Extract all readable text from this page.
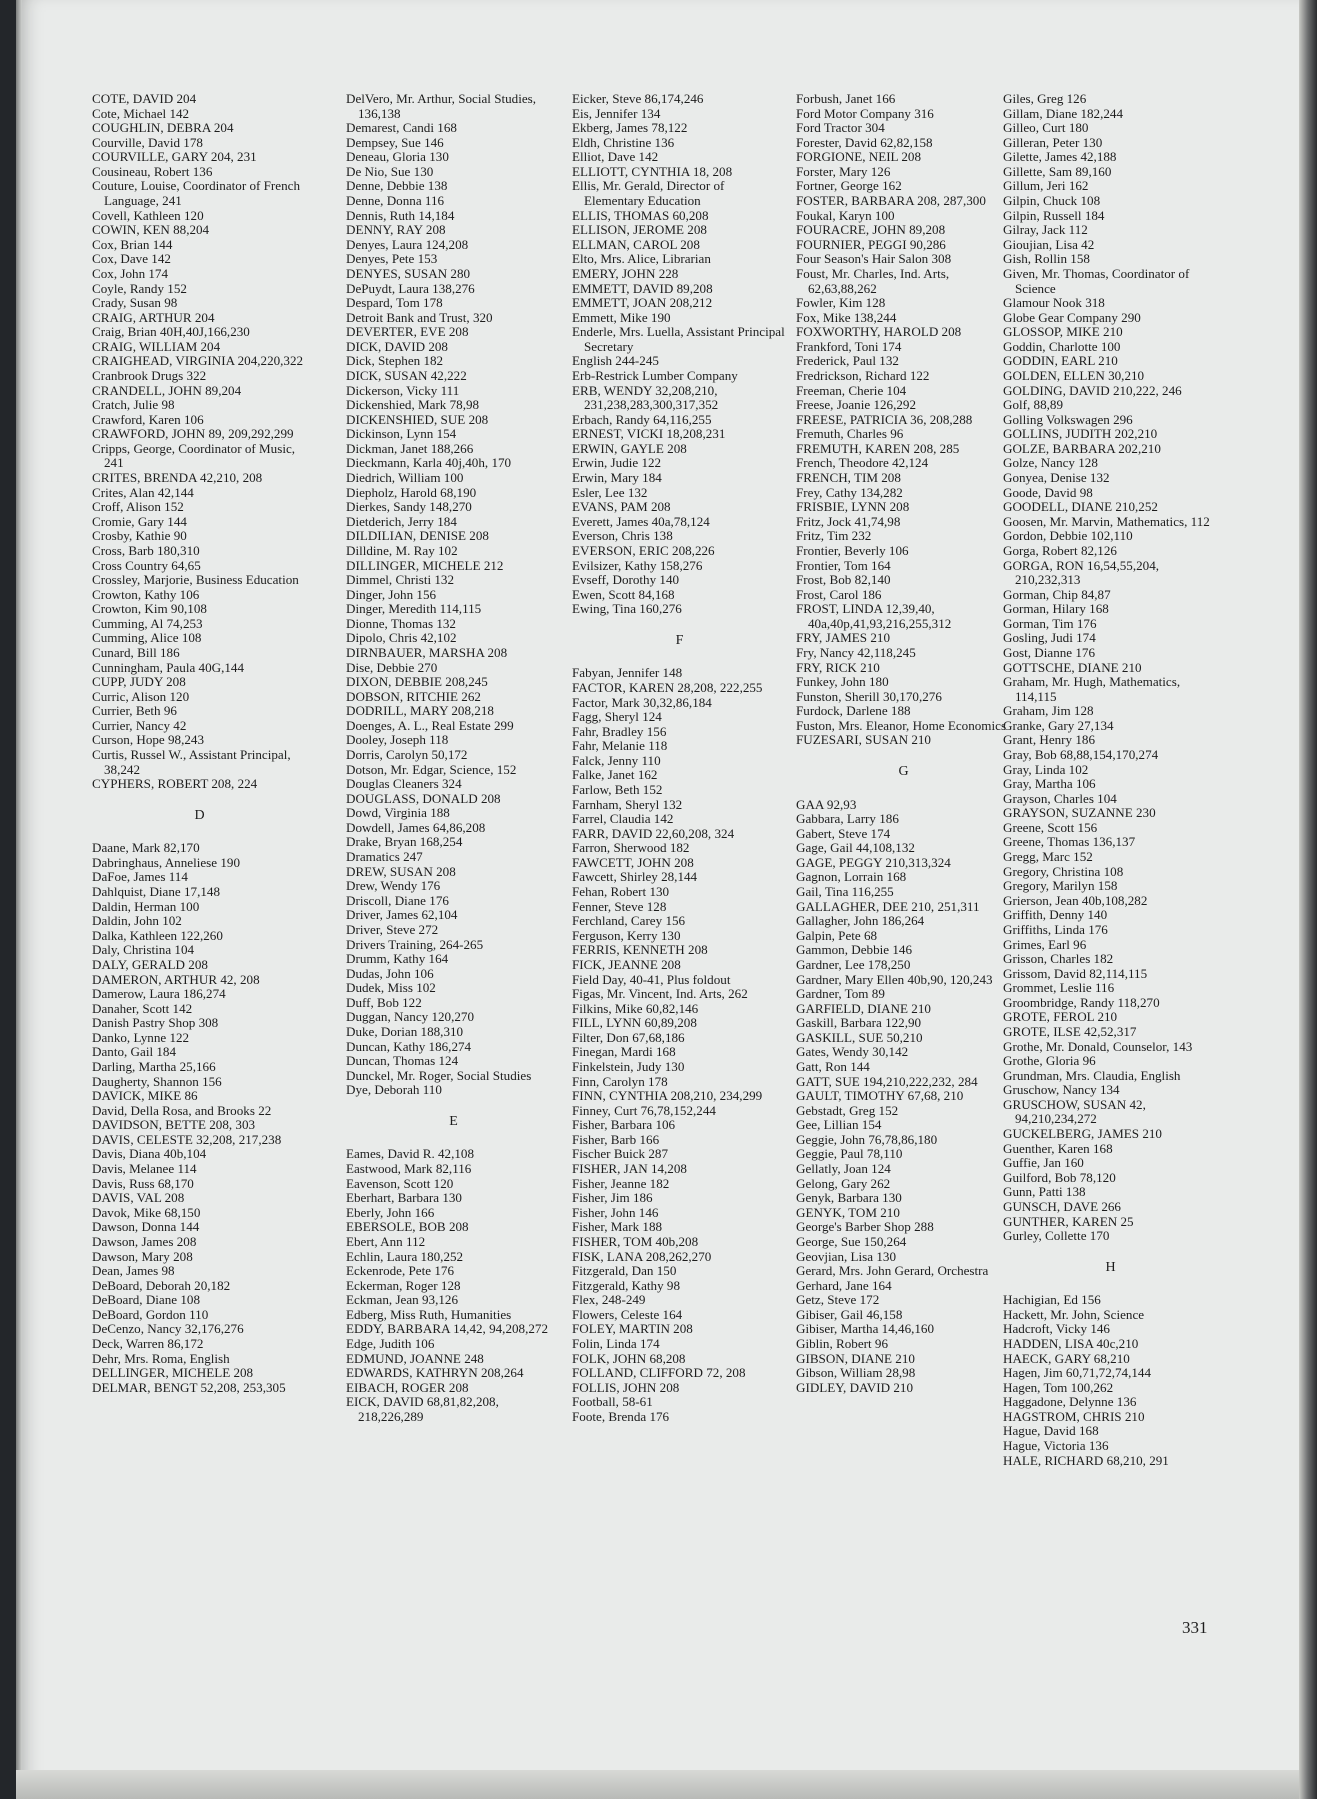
COTE, DAVID 204
Cote, Michael 142
COUGHLIN, DEBRA 204
Courville, David 178
COURVILLE, GARY 204, 231
Cousineau, Robert 136
Couture, Louise, Coordinator of French Language, 241
Covell, Kathleen 120
COWIN, KEN 88,204
Cox, Brian 144
Cox, Dave 142
Cox, John 174
Coyle, Randy 152
Crady, Susan 98
CRAIG, ARTHUR 204
Craig, Brian 40H,40J,166,230
CRAIG, WILLIAM 204
CRAIGHEAD, VIRGINIA 204,220,322
Cranbrook Drugs 322
CRANDELL, JOHN 89,204
Cratch, Julie 98
Crawford, Karen 106
CRAWFORD, JOHN 89, 209,292,299
Cripps, George, Coordinator of Music, 241
CRITES, BRENDA 42,210, 208
Crites, Alan 42,144
Croff, Alison 152
Cromie, Gary 144
Crosby, Kathie 90
Cross, Barb 180,310
Cross Country 64,65
Crossley, Marjorie, Business Education
Crowton, Kathy 106
Crowton, Kim 90,108
Cumming, Al 74,253
Cumming, Alice 108
Cunard, Bill 186
Cunningham, Paula 40G,144
CUPP, JUDY 208
Curric, Alison 120
Currier, Beth 96
Currier, Nancy 42
Curson, Hope 98,243
Curtis, Russel W., Assistant Principal, 38,242
CYPHERS, ROBERT 208, 224
D
Daane, Mark 82,170
Dabringhaus, Anneliese 190
DaFoe, James 114
Dahlquist, Diane 17,148
Daldin, Herman 100
Daldin, John 102
Dalka, Kathleen 122,260
Daly, Christina 104
DALY, GERALD 208
DAMERON, ARTHUR 42, 208
Damerow, Laura 186,274
Danaher, Scott 142
Danish Pastry Shop 308
Danko, Lynne 122
Danto, Gail 184
Darling, Martha 25,166
Daugherty, Shannon 156
DAVICK, MIKE 86
David, Della Rosa, and Brooks 22
DAVIDSON, BETTE 208, 303
DAVIS, CELESTE 32,208, 217,238
Davis, Diana 40b,104
Davis, Melanee 114
Davis, Russ 68,170
DAVIS, VAL 208
Davok, Mike 68,150
Dawson, Donna 144
Dawson, James 208
Dawson, Mary 208
Dean, James 98
DeBoard, Deborah 20,182
DeBoard, Diane 108
DeBoard, Gordon 110
DeCenzo, Nancy 32,176,276
Deck, Warren 86,172
Dehr, Mrs. Roma, English
DELLINGER, MICHELE 208
DELMAR, BENGT 52,208, 253,305
DelVero, Mr. Arthur, Social Studies, 136,138
Demarest, Candi 168
Dempsey, Sue 146
Deneau, Gloria 130
De Nio, Sue 130
Denne, Debbie 138
Denne, Donna 116
Dennis, Ruth 14,184
DENNY, RAY 208
Denyes, Laura 124,208
Denyes, Pete 153
DENYES, SUSAN 280
DePuydt, Laura 138,276
Despard, Tom 178
Detroit Bank and Trust, 320
DEVERTER, EVE 208
DICK, DAVID 208
Dick, Stephen 182
DICK, SUSAN 42,222
Dickerson, Vicky 111
Dickenshied, Mark 78,98
DICKENSHIED, SUE 208
Dickinson, Lynn 154
Dickman, Janet 188,266
Dieckmann, Karla 40j,40h, 170
Diedrich, William 100
Diepholz, Harold 68,190
Dierkes, Sandy 148,270
Dietderich, Jerry 184
DILDILIAN, DENISE 208
Dilldine, M. Ray 102
DILLINGER, MICHELE 212
Dimmel, Christi 132
Dinger, John 156
Dinger, Meredith 114,115
Dionne, Thomas 132
Dipolo, Chris 42,102
DIRNBAUER, MARSHA 208
Dise, Debbie 270
DIXON, DEBBIE 208,245
DOBSON, RITCHIE 262
DODRILL, MARY 208,218
Doenges, A. L., Real Estate 299
Dooley, Joseph 118
Dorris, Carolyn 50,172
Dotson, Mr. Edgar, Science, 152
Douglas Cleaners 324
DOUGLASS, DONALD 208
Dowd, Virginia 188
Dowdell, James 64,86,208
Drake, Bryan 168,254
Dramatics 247
DREW, SUSAN 208
Drew, Wendy 176
Driscoll, Diane 176
Driver, James 62,104
Driver, Steve 272
Drivers Training, 264-265
Drumm, Kathy 164
Dudas, John 106
Dudek, Miss 102
Duff, Bob 122
Duggan, Nancy 120,270
Duke, Dorian 188,310
Duncan, Kathy 186,274
Duncan, Thomas 124
Dunckel, Mr. Roger, Social Studies
Dye, Deborah 110
E
Eames, David R. 42,108
Eastwood, Mark 82,116
Eavenson, Scott 120
Eberhart, Barbara 130
Eberly, John 166
EBERSOLE, BOB 208
Ebert, Ann 112
Echlin, Laura 180,252
Eckenrode, Pete 176
Eckerman, Roger 128
Eckman, Jean 93,126
Edberg, Miss Ruth, Humanities
EDDY, BARBARA 14,42, 94,208,272
Edge, Judith 106
EDMUND, JOANNE 248
EDWARDS, KATHRYN 208,264
EIBACH, ROGER 208
EICK, DAVID 68,81,82,208, 218,226,289
Eicker, Steve 86,174,246
Eis, Jennifer 134
Ekberg, James 78,122
Eldh, Christine 136
Elliot, Dave 142
ELLIOTT, CYNTHIA 18, 208
Ellis, Mr. Gerald, Director of Elementary Education
ELLIS, THOMAS 60,208
ELLISON, JEROME 208
ELLMAN, CAROL 208
Elto, Mrs. Alice, Librarian
EMERY, JOHN 228
EMMETT, DAVID 89,208
EMMETT, JOAN 208,212
Emmett, Mike 190
Enderle, Mrs. Luella, Assistant Principal Secretary
English 244-245
Erb-Restrick Lumber Company
ERB, WENDY 32,208,210, 231,238,283,300,317,352
Erbach, Randy 64,116,255
ERNEST, VICKI 18,208,231
ERWIN, GAYLE 208
Erwin, Judie 122
Erwin, Mary 184
Esler, Lee 132
EVANS, PAM 208
Everett, James 40a,78,124
Everson, Chris 138
EVERSON, ERIC 208,226
Evilsizer, Kathy 158,276
Evseff, Dorothy 140
Ewen, Scott 84,168
Ewing, Tina 160,276
F
Fabyan, Jennifer 148
FACTOR, KAREN 28,208, 222,255
Factor, Mark 30,32,86,184
Fagg, Sheryl 124
Fahr, Bradley 156
Fahr, Melanie 118
Falck, Jenny 110
Falke, Janet 162
Farlow, Beth 152
Farnham, Sheryl 132
Farrel, Claudia 142
FARR, DAVID 22,60,208, 324
Farron, Sherwood 182
FAWCETT, JOHN 208
Fawcett, Shirley 28,144
Fehan, Robert 130
Fenner, Steve 128
Ferchland, Carey 156
Ferguson, Kerry 130
FERRIS, KENNETH 208
FICK, JEANNE 208
Field Day, 40-41, Plus foldout
Figas, Mr. Vincent, Ind. Arts, 262
Filkins, Mike 60,82,146
FILL, LYNN 60,89,208
Filter, Don 67,68,186
Finegan, Mardi 168
Finkelstein, Judy 130
Finn, Carolyn 178
FINN, CYNTHIA 208,210, 234,299
Finney, Curt 76,78,152,244
Fisher, Barbara 106
Fisher, Barb 166
Fischer Buick 287
FISHER, JAN 14,208
Fisher, Jeanne 182
Fisher, Jim 186
Fisher, John 146
Fisher, Mark 188
FISHER, TOM 40b,208
FISK, LANA 208,262,270
Fitzgerald, Dan 150
Fitzgerald, Kathy 98
Flex, 248-249
Flowers, Celeste 164
FOLEY, MARTIN 208
Folin, Linda 174
FOLK, JOHN 68,208
FOLLAND, CLIFFORD 72, 208
FOLLIS, JOHN 208
Football, 58-61
Foote, Brenda 176
Forbush, Janet 166
Ford Motor Company 316
Ford Tractor 304
Forester, David 62,82,158
FORGIONE, NEIL 208
Forster, Mary 126
Fortner, George 162
FOSTER, BARBARA 208, 287,300
Foukal, Karyn 100
FOURACRE, JOHN 89,208
FOURNIER, PEGGI 90,286
Four Season's Hair Salon 308
Foust, Mr. Charles, Ind. Arts, 62,63,88,262
Fowler, Kim 128
Fox, Mike 138,244
FOXWORTHY, HAROLD 208
Frankford, Toni 174
Frederick, Paul 132
Fredrickson, Richard 122
Freeman, Cherie 104
Freese, Joanie 126,292
FREESE, PATRICIA 36, 208,288
Fremuth, Charles 96
FREMUTH, KAREN 208, 285
French, Theodore 42,124
FRENCH, TIM 208
Frey, Cathy 134,282
FRISBIE, LYNN 208
Fritz, Jock 41,74,98
Fritz, Tim 232
Frontier, Beverly 106
Frontier, Tom 164
Frost, Bob 82,140
Frost, Carol 186
FROST, LINDA 12,39,40, 40a,40p,41,93,216,255,312
FRY, JAMES 210
Fry, Nancy 42,118,245
FRY, RICK 210
Funkey, John 180
Funston, Sherill 30,170,276
Furdock, Darlene 188
Fuston, Mrs. Eleanor, Home Economics
FUZESARI, SUSAN 210
G
GAA 92,93
Gabbara, Larry 186
Gabert, Steve 174
Gage, Gail 44,108,132
GAGE, PEGGY 210,313,324
Gagnon, Lorrain 168
Gail, Tina 116,255
GALLAGHER, DEE 210, 251,311
Gallagher, John 186,264
Galpin, Pete 68
Gammon, Debbie 146
Gardner, Lee 178,250
Gardner, Mary Ellen 40b,90, 120,243
Gardner, Tom 89
GARFIELD, DIANE 210
Gaskill, Barbara 122,90
GASKILL, SUE 50,210
Gates, Wendy 30,142
Gatt, Ron 144
GATT, SUE 194,210,222,232, 284
GAULT, TIMOTHY 67,68, 210
Gebstadt, Greg 152
Gee, Lillian 154
Geggie, John 76,78,86,180
Geggie, Paul 78,110
Gellatly, Joan 124
Gelong, Gary 262
Genyk, Barbara 130
GENYK, TOM 210
George's Barber Shop 288
George, Sue 150,264
Geovjian, Lisa 130
Gerard, Mrs. John Gerard, Orchestra
Gerhard, Jane 164
Getz, Steve 172
Gibiser, Gail 46,158
Gibiser, Martha 14,46,160
Giblin, Robert 96
GIBSON, DIANE 210
Gibson, William 28,98
GIDLEY, DAVID 210
Giles, Greg 126
Gillam, Diane 182,244
Gilleo, Curt 180
Gilleran, Peter 130
Gilette, James 42,188
Gillette, Sam 89,160
Gillum, Jeri 162
Gilpin, Chuck 108
Gilpin, Russell 184
Gilray, Jack 112
Gioujian, Lisa 42
Gish, Rollin 158
Given, Mr. Thomas, Coordinator of Science
Glamour Nook 318
Globe Gear Company 290
GLOSSOP, MIKE 210
Goddin, Charlotte 100
GODDIN, EARL 210
GOLDEN, ELLEN 30,210
GOLDING, DAVID 210,222, 246
Golf, 88,89
Golling Volkswagen 296
GOLLINS, JUDITH 202,210
GOLZE, BARBARA 202,210
Golze, Nancy 128
Gonyea, Denise 132
Goode, David 98
GOODELL, DIANE 210,252
Goosen, Mr. Marvin, Mathematics, 112
Gordon, Debbie 102,110
Gorga, Robert 82,126
GORGA, RON 16,54,55,204, 210,232,313
Gorman, Chip 84,87
Gorman, Hilary 168
Gorman, Tim 176
Gosling, Judi 174
Gost, Dianne 176
GOTTSCHE, DIANE 210
Graham, Mr. Hugh, Mathematics, 114,115
Graham, Jim 128
Granke, Gary 27,134
Grant, Henry 186
Gray, Bob 68,88,154,170,274
Gray, Linda 102
Gray, Martha 106
Grayson, Charles 104
GRAYSON, SUZANNE 230
Greene, Scott 156
Greene, Thomas 136,137
Gregg, Marc 152
Gregory, Christina 108
Gregory, Marilyn 158
Grierson, Jean 40b,108,282
Griffith, Denny 140
Griffiths, Linda 176
Grimes, Earl 96
Grisson, Charles 182
Grissom, David 82,114,115
Grommet, Leslie 116
Groombridge, Randy 118,270
GROTE, FEROL 210
GROTE, ILSE 42,52,317
Grothe, Mr. Donald, Counselor, 143
Grothe, Gloria 96
Grundman, Mrs. Claudia, English
Gruschow, Nancy 134
GRUSCHOW, SUSAN 42, 94,210,234,272
GUCKELBERG, JAMES 210
Guenther, Karen 168
Guffie, Jan 160
Guilford, Bob 78,120
Gunn, Patti 138
GUNSCH, DAVE 266
GUNTHER, KAREN 25
Gurley, Collette 170
H
Hachigian, Ed 156
Hackett, Mr. John, Science
Hadcroft, Vicky 146
HADDEN, LISA 40c,210
HAECK, GARY 68,210
Hagen, Jim 60,71,72,74,144
Hagen, Tom 100,262
Haggadone, Delynne 136
HAGSTROM, CHRIS 210
Hague, David 168
Hague, Victoria 136
HALE, RICHARD 68,210, 291
331
